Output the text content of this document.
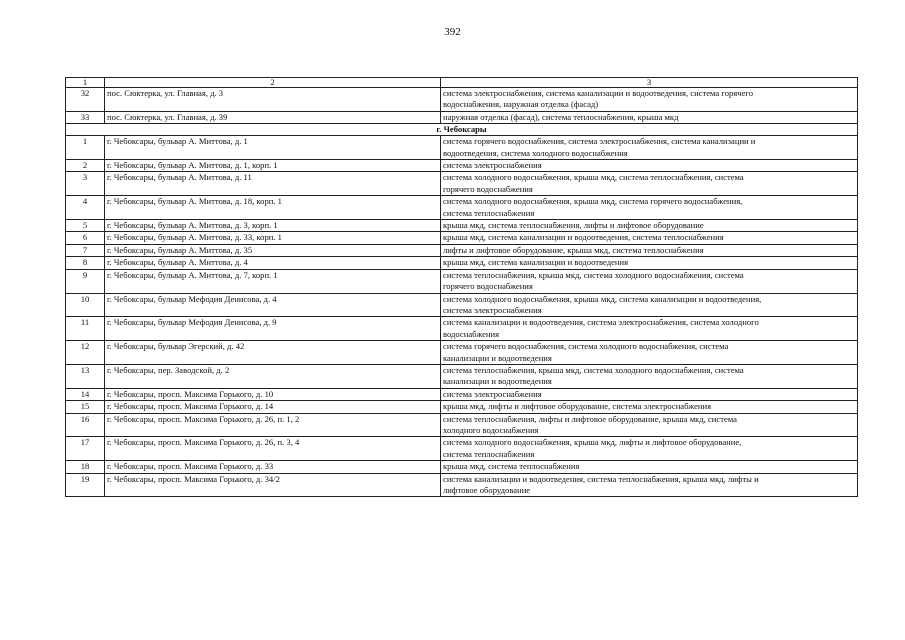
392
1	2	3
32	пос. Сюктерка, ул. Главная, д. 3	система электроснабжения, система канализации и водоотведения, система горячего
водоснабжения, наружная отделка (фасад)

33	пос. Сюктерка, ул. Главная, д. 39	наружная отделка (фасад), система теплоснабжения, крыша мкд

г. Чебоксары		
1	г. Чебоксары, бульвар А. Миттова, д. 1	система горячего водоснабжения, система электроснабжения, система канализации и
водоотведения, система холодного водоснабжения

2	г. Чебоксары, бульвар А. Миттова, д. 1, корп. 1	система электроснабжения

3	г. Чебоксары, бульвар А. Миттова, д. 11	система холодного водоснабжения, крыша мкд, система теплоснабжения, система
горячего водоснабжения

4	г. Чебоксары, бульвар А. Миттова, д. 18, корп. 1	система холодного водоснабжения, крыша мкд, система горячего водоснабжения,
система теплоснабжения

5	г. Чебоксары, бульвар А. Миттова, д. 3, корп. 1	крыша мкд, система теплоснабжения, лифты и лифтовое оборудование

6	г. Чебоксары, бульвар А. Миттова, д. 33, корп. 1	крыша мкд, система канализации и водоотведения, система теплоснабжения

7	г. Чебоксары, бульвар А. Миттова, д. 35	лифты и лифтовое оборудование, крыша мкд, система теплоснабжения

8	г. Чебоксары, бульвар А. Миттова, д. 4	крыша мкд, система канализации и водоотведения

9	г. Чебоксары, бульвар А. Миттова, д. 7, корп. 1	система теплоснабжения, крыша мкд, система холодного водоснабжения, система
горячего водоснабжения

10	г. Чебоксары, бульвар Мефодия Денисова, д. 4	система холодного водоснабжения, крыша мкд, система канализации и водоотведения,
система электроснабжения

11	г. Чебоксары, бульвар Мефодия Денисова, д. 9	система канализации и водоотведения, система электроснабжения, система холодного
водоснабжения

12	г. Чебоксары, бульвар Эгерский, д. 42	система горячего водоснабжения, система холодного водоснабжения, система
канализации и водоотведения

13	г. Чебоксары, пер. Заводской, д. 2	система теплоснабжения, крыша мкд, система холодного водоснабжения, система
канализации и водоотведения

14	г. Чебоксары, просп. Максима Горького, д. 10	система электроснабжения

15	г. Чебоксары, просп. Максима Горького, д. 14	крыша мкд, лифты и лифтовое оборудование, система электроснабжения

16	г. Чебоксары, просп. Максима Горького, д. 26, п. 1, 2	система теплоснабжения, лифты и лифтовое оборудование, крыша мкд, система
холодного водоснабжения

17	г. Чебоксары, просп. Максима Горького, д. 26, п. 3, 4	система холодного водоснабжения, крыша мкд, лифты и лифтовое оборудование,
система теплоснабжения

18	г. Чебоксары, просп. Максима Горького, д. 33	крыша мкд, система теплоснабжения

19	г. Чебоксары, просп. Максима Горького, д. 34/2	система канализации и водоотведения, система теплоснабжения, крыша мкд, лифты и
лифтовое оборудование
